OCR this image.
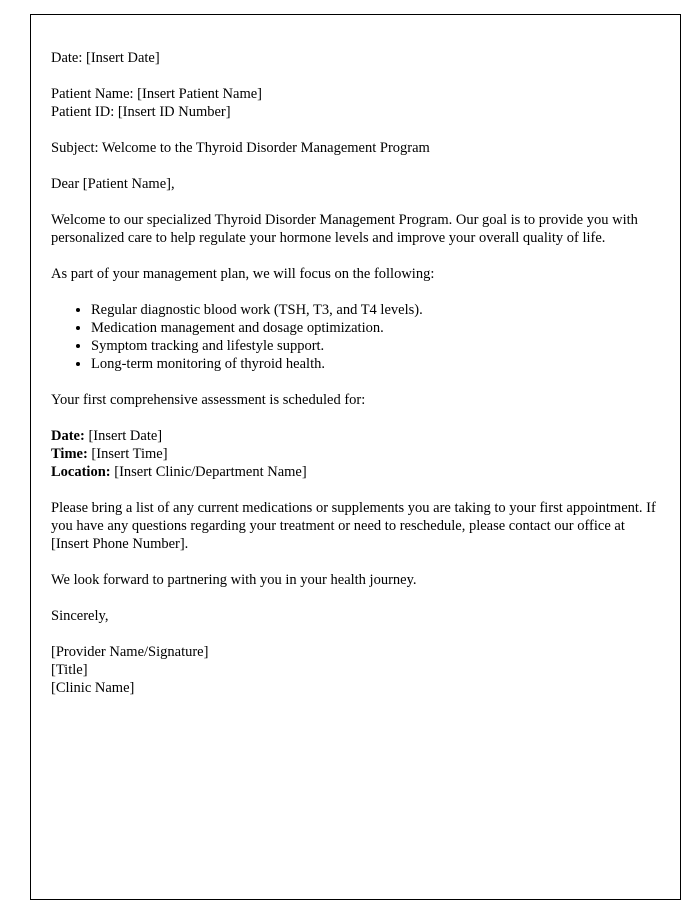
Date: [Insert Date]

Patient Name: [Insert Patient Name]
Patient ID: [Insert ID Number]

Subject: Welcome to the Thyroid Disorder Management Program

Dear [Patient Name],

Welcome to our specialized Thyroid Disorder Management Program. Our goal is to provide you with personalized care to help regulate your hormone levels and improve your overall quality of life.

As part of your management plan, we will focus on the following:

• Regular diagnostic blood work (TSH, T3, and T4 levels).
• Medication management and dosage optimization.
• Symptom tracking and lifestyle support.
• Long-term monitoring of thyroid health.

Your first comprehensive assessment is scheduled for:

Date: [Insert Date]
Time: [Insert Time]
Location: [Insert Clinic/Department Name]

Please bring a list of any current medications or supplements you are taking to your first appointment. If you have any questions regarding your treatment or need to reschedule, please contact our office at [Insert Phone Number].

We look forward to partnering with you in your health journey.

Sincerely,

[Provider Name/Signature]
[Title]
[Clinic Name]
